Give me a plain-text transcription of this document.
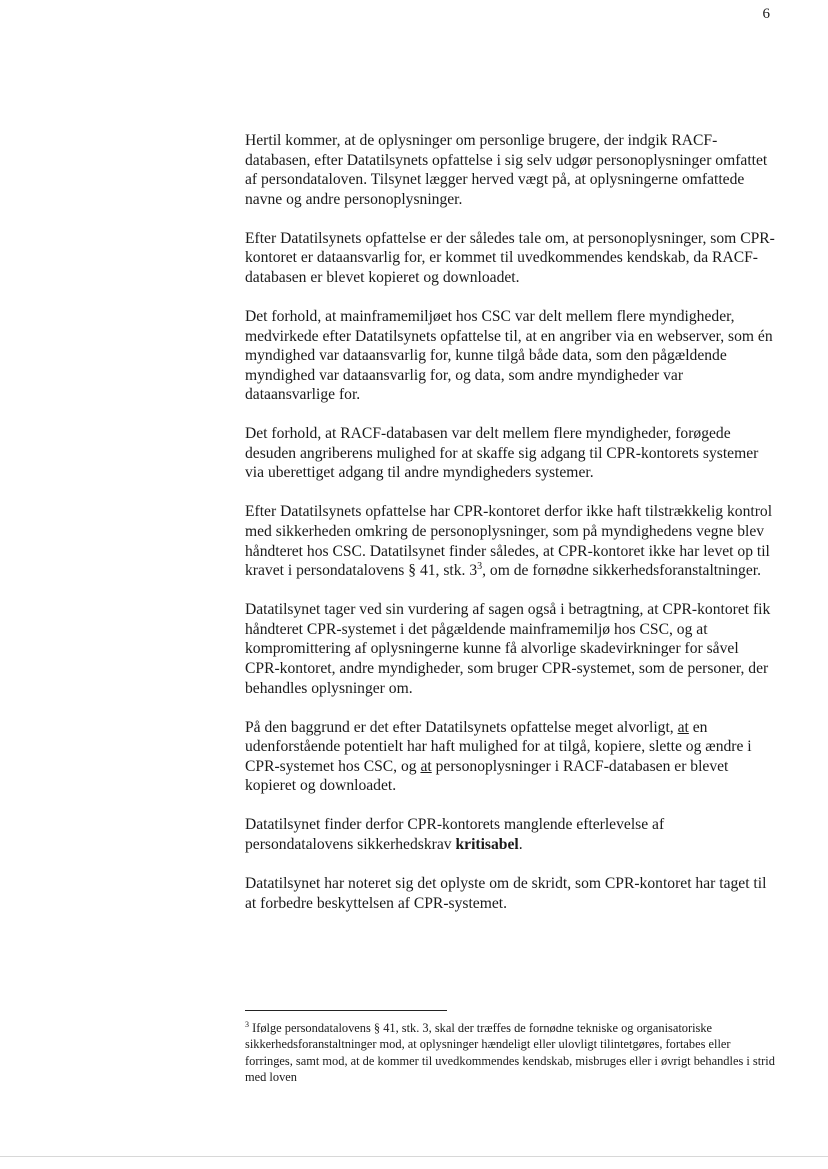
6

Hertil kommer, at de oplysninger om personlige brugere, der indgik RACF-databasen, efter Datatilsynets opfattelse i sig selv udgør personoplysninger omfattet af persondataloven. Tilsynet lægger herved vægt på, at oplysningerne omfattede navne og andre personoplysninger.

Efter Datatilsynets opfattelse er der således tale om, at personoplysninger, som CPR-kontoret er dataansvarlig for, er kommet til uvedkommendes kendskab, da RACF-databasen er blevet kopieret og downloadet.

Det forhold, at mainframemiljøet hos CSC var delt mellem flere myndigheder, medvirkede efter Datatilsynets opfattelse til, at en angriber via en webserver, som én myndighed var dataansvarlig for, kunne tilgå både data, som den pågældende myndighed var dataansvarlig for, og data, som andre myndigheder var dataansvarlige for.

Det forhold, at RACF-databasen var delt mellem flere myndigheder, forøgede desuden angriberens mulighed for at skaffe sig adgang til CPR-kontorets systemer via uberettiget adgang til andre myndigheders systemer.

Efter Datatilsynets opfattelse har CPR-kontoret derfor ikke haft tilstrækkelig kontrol med sikkerheden omkring de personoplysninger, som på myndighedens vegne blev håndteret hos CSC. Datatilsynet finder således, at CPR-kontoret ikke har levet op til kravet i persondatalovens § 41, stk. $3^3$, om de fornødne sikkerhedsforanstaltninger.

Datatilsynet tager ved sin vurdering af sagen også i betragtning, at CPR-kontoret fik håndteret CPR-systemet i det pågældende mainframemiljø hos CSC, og at kompromittering af oplysningerne kunne få alvorlige skadevirkninger for såvel CPR-kontoret, andre myndigheder, som bruger CPR-systemet, som de personer, der behandles oplysninger om.

På den baggrund er det efter Datatilsynets opfattelse meget alvorligt, at en udenforstående potentielt har haft mulighed for at tilgå, kopiere, slette og ændre i CPR-systemet hos CSC, og at personoplysninger i RACF-databasen er blevet kopieret og downloadet.

Datatilsynet finder derfor CPR-kontorets manglende efterlevelse af persondatalovens sikkerhedskrav kritisabel.

Datatilsynet har noteret sig det oplyste om de skridt, som CPR-kontoret har taget til at forbedre beskyttelsen af CPR-systemet.

$^3$ Ifølge persondatalovens § 41, stk. 3, skal der træffes de fornødne tekniske og organisatoriske sikkerhedsforanstaltninger mod, at oplysninger hændeligt eller ulovligt tilintetgøres, fortabes eller forringes, samt mod, at de kommer til uvedkommendes kendskab, misbruges eller i øvrigt behandles i strid med loven
